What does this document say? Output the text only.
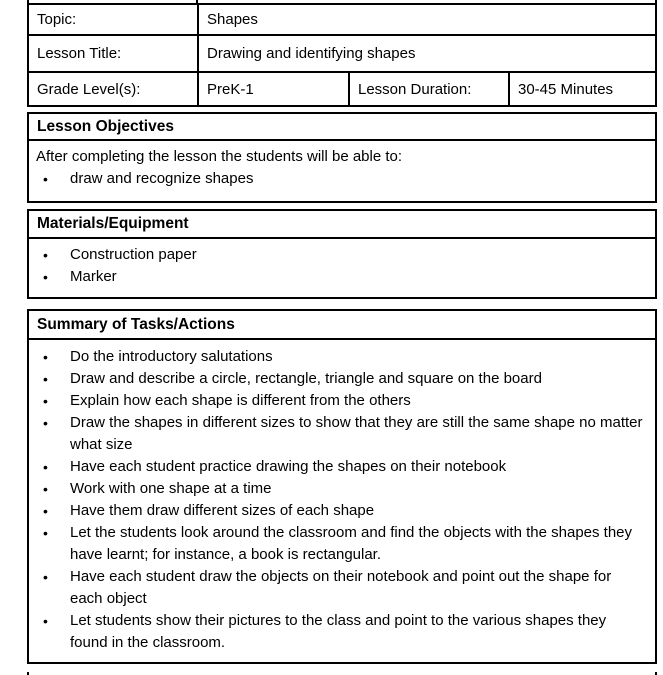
Topic:	Shapes
Lesson Title:	Drawing and identifying shapes
Grade Level(s):	PreK-1	Lesson Duration:	30-45 Minutes
Lesson Objectives
After completing the lesson the students will be able to:
•	draw and recognize shapes
Materials/Equipment
•	Construction paper
•	Marker
Summary of Tasks/Actions
•	Do the introductory salutations
•	Draw and describe a circle, rectangle, triangle and square on the board
•	Explain how each shape is different from the others
•	Draw the shapes in different sizes to show that they are still the same shape no matter what size
•	Have each student practice drawing the shapes on their notebook
•	Work with one shape at a time
•	Have them draw different sizes of each shape
•	Let the students look around the classroom and find the objects with the shapes they have learnt; for instance, a book is rectangular.
•	Have each student draw the objects on their notebook and point out the shape for each object
•	Let students show their pictures to the class and point to the various shapes they found in the classroom.
